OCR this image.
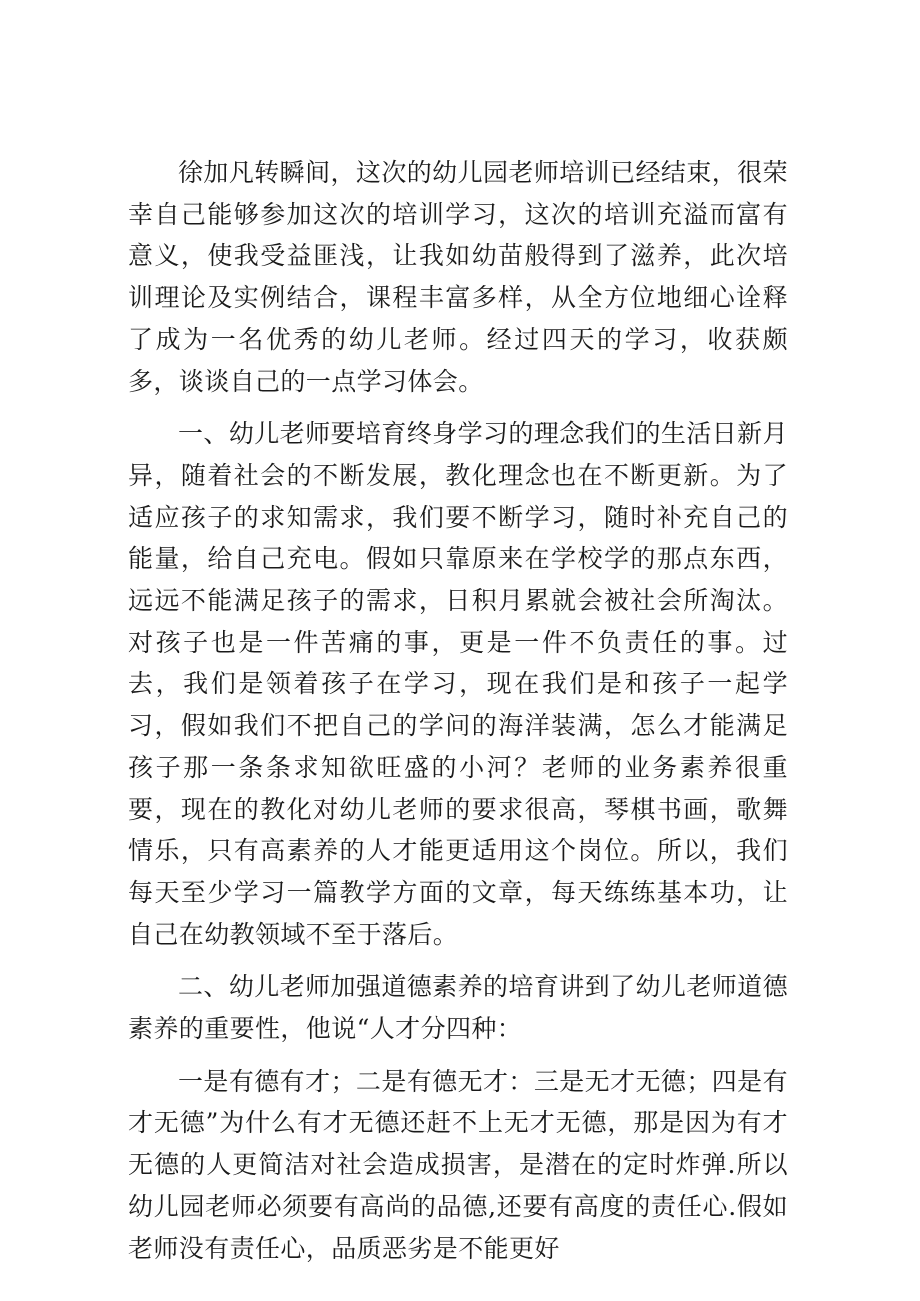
徐加凡转瞬间，这次的幼儿园老师培训已经结束，很荣幸自己能够参加这次的培训学习，这次的培训充溢而富有意义，使我受益匪浅，让我如幼苗般得到了滋养，此次培训理论及实例结合，课程丰富多样，从全方位地细心诠释了成为一名优秀的幼儿老师。经过四天的学习，收获颇多，谈谈自己的一点学习体会。

一、幼儿老师要培育终身学习的理念我们的生活日新月异，随着社会的不断发展，教化理念也在不断更新。为了适应孩子的求知需求，我们要不断学习，随时补充自己的能量，给自己充电。假如只靠原来在学校学的那点东西，远远不能满足孩子的需求，日积月累就会被社会所淘汰。对孩子也是一件苦痛的事，更是一件不负责任的事。过去，我们是领着孩子在学习，现在我们是和孩子一起学习，假如我们不把自己的学问的海洋装满，怎么才能满足孩子那一条条求知欲旺盛的小河？老师的业务素养很重要，现在的教化对幼儿老师的要求很高，琴棋书画，歌舞情乐，只有高素养的人才能更适用这个岗位。所以，我们每天至少学习一篇教学方面的文章，每天练练基本功，让自己在幼教领域不至于落后。

二、幼儿老师加强道德素养的培育讲到了幼儿老师道德素养的重要性，他说“人才分四种：

一是有德有才；二是有德无才：三是无才无德；四是有才无德”为什么有才无德还赶不上无才无德，那是因为有才无德的人更简洁对社会造成损害，是潜在的定时炸弹.所以幼儿园老师必须要有高尚的品德,还要有高度的责任心.假如老师没有责任心，品质恶劣是不能更好
